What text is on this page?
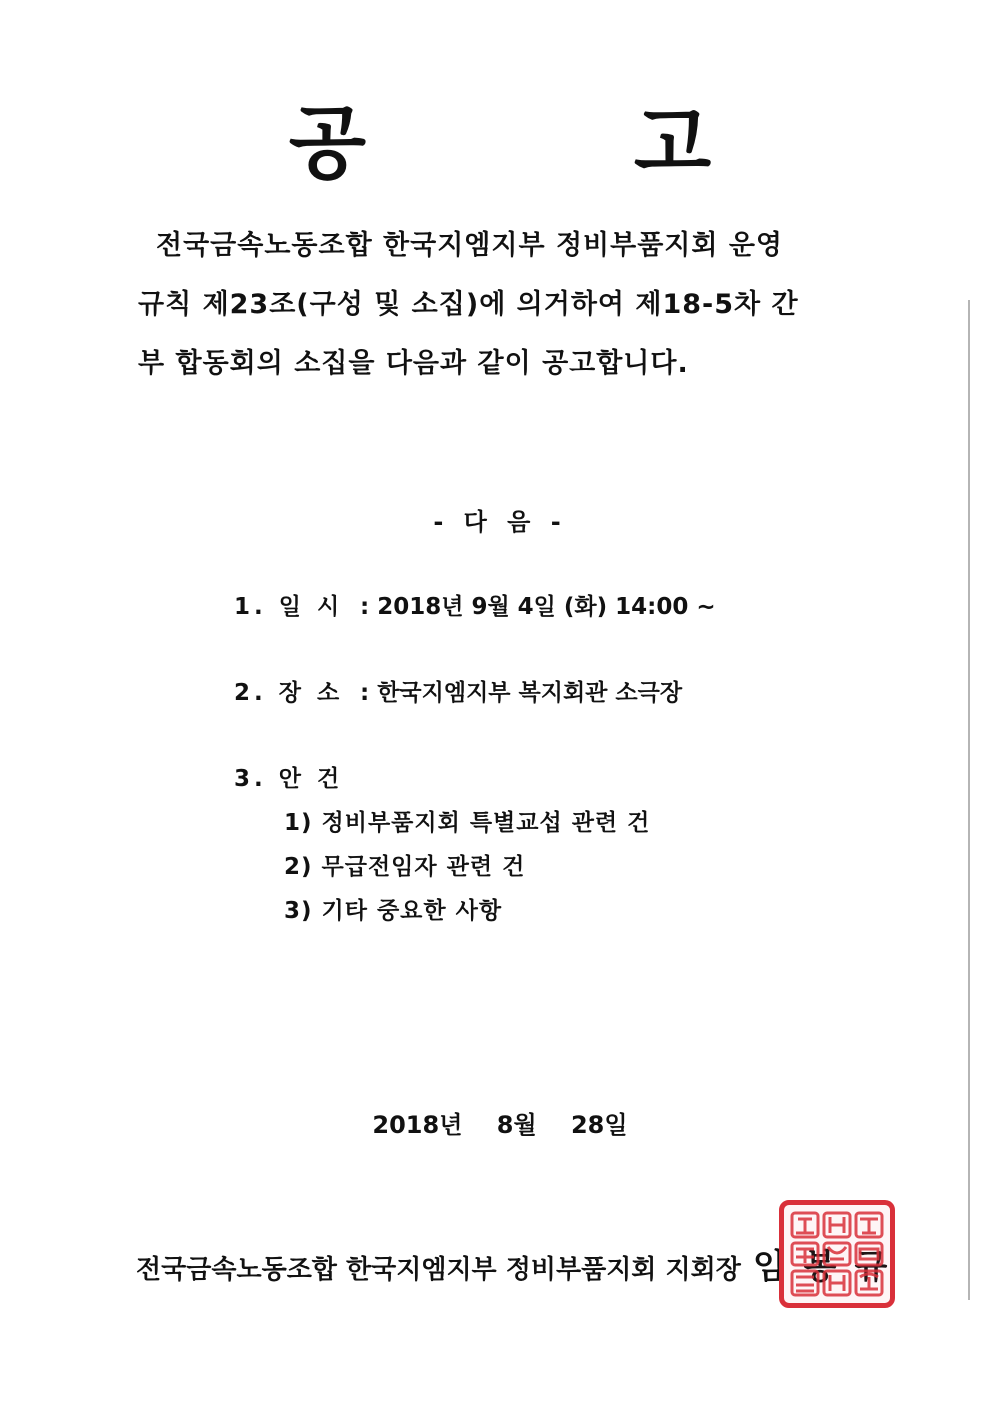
공 고
전국금속노동조합 한국지엠지부 정비부품지회 운영
규칙 제23조(구성 및 소집)에 의거하여 제18-5차 간
부 합동회의 소집을 다음과 같이 공고합니다.
- 다 음 -
1. 일 시 : 2018년 9월 4일 (화) 14:00 ~
2. 장 소 : 한국지엠지부 복지회관 소극장
3. 안 건
1) 정비부품지회 특별교섭 관련 건
2) 무급전임자 관련 건
3) 기타 중요한 사항
2018년 8월 28일
전국금속노동조합 한국지엠지부 정비부품지회 지회장 임봉규
